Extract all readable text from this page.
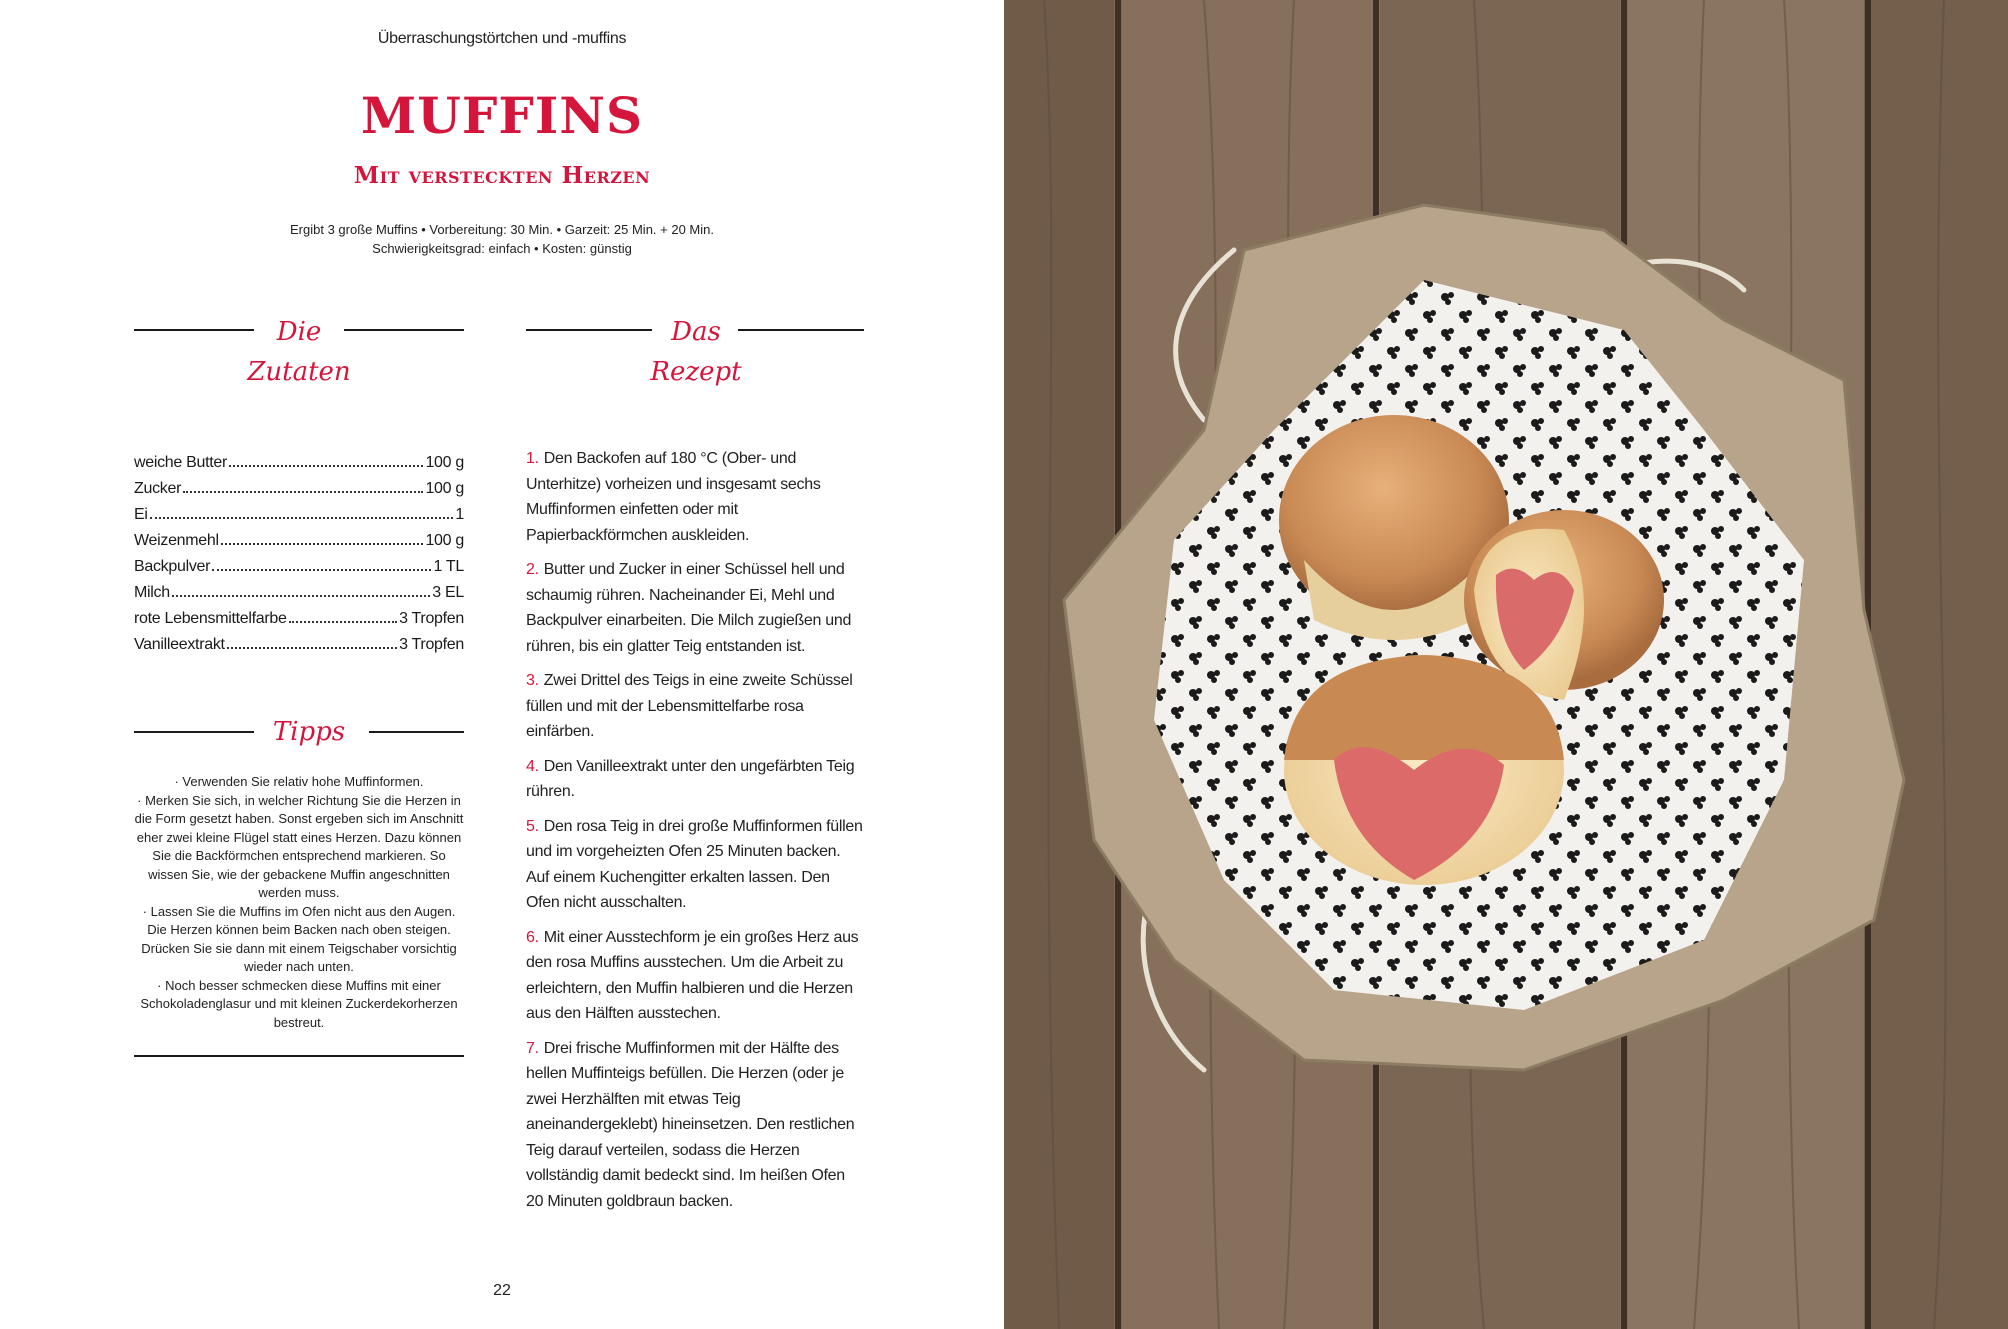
Überraschungstörtchen und -muffins
MUFFINS
Mit versteckten Herzen
Ergibt 3 große Muffins • Vorbereitung: 30 Min. • Garzeit: 25 Min. + 20 Min.
Schwierigkeitsgrad: einfach • Kosten: günstig
Die
Zutaten
Das
Rezept
weiche Butter	100 g
Zucker	100 g
Ei	1
Weizenmehl	100 g
Backpulver	1 TL
Milch	3 EL
rote Lebensmittelfarbe	3 Tropfen
Vanilleextrakt	3 Tropfen
Tipps

· Verwenden Sie relativ hohe Muffinformen.

· Merken Sie sich, in welcher Richtung Sie die Herzen in die Form gesetzt haben. Sonst ergeben sich im Anschnitt eher zwei kleine Flügel statt eines Herzen. Dazu können Sie die Backförmchen entsprechend markieren. So wissen Sie, wie der gebackene Muffin angeschnitten werden muss.

· Lassen Sie die Muffins im Ofen nicht aus den Augen. Die Herzen können beim Backen nach oben steigen. Drücken Sie sie dann mit einem Teigschaber vorsichtig wieder nach unten.

· Noch besser schmecken diese Muffins mit einer Schokoladenglasur und mit kleinen Zuckerdekorherzen bestreut.

1. Den Backofen auf 180 °C (Ober- und Unterhitze) vorheizen und insgesamt sechs Muffinformen einfetten oder mit Papierbackförmchen auskleiden.

2. Butter und Zucker in einer Schüssel hell und schaumig rühren. Nacheinander Ei, Mehl und Backpulver einarbeiten. Die Milch zugießen und rühren, bis ein glatter Teig entstanden ist.

3. Zwei Drittel des Teigs in eine zweite Schüssel füllen und mit der Lebensmittelfarbe rosa einfärben.

4. Den Vanilleextrakt unter den ungefärbten Teig rühren.

5. Den rosa Teig in drei große Muffinformen füllen und im vorgeheizten Ofen 25 Minuten backen. Auf einem Kuchengitter erkalten lassen. Den Ofen nicht ausschalten.

6. Mit einer Ausstechform je ein großes Herz aus den rosa Muffins ausstechen. Um die Arbeit zu erleichtern, den Muffin halbieren und die Herzen aus den Hälften ausstechen.

7. Drei frische Muffinformen mit der Hälfte des hellen Muffinteigs befüllen. Die Herzen (oder je zwei Herzhälften mit etwas Teig aneinandergeklebt) hineinsetzen. Den restlichen Teig darauf verteilen, sodass die Herzen vollständig damit bedeckt sind. Im heißen Ofen 20 Minuten goldbraun backen.

22
